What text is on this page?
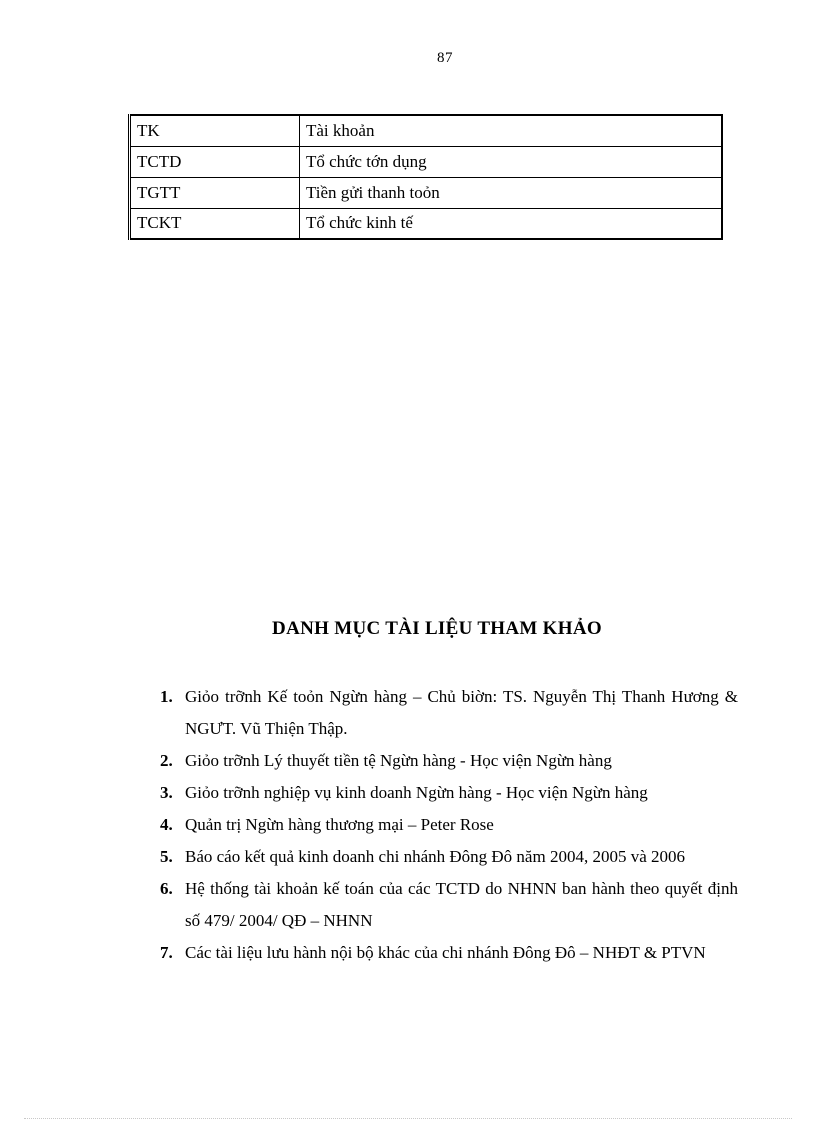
87
TK	Tài khoản
TCTD	Tổ chức tớn dụng
TGTT	Tiền gửi thanh toỏn
TCKT	Tổ chức kinh tế
DANH MỤC TÀI LIỆU THAM KHẢO
1. Giỏo trỡnh Kế toỏn Ngừn hàng – Chủ biờn: TS. Nguyễn Thị Thanh Hương & NGƯT. Vũ Thiện Thập.
2. Giỏo trỡnh Lý thuyết tiền tệ Ngừn hàng - Học viện Ngừn hàng
3. Giỏo trỡnh nghiệp vụ kinh doanh Ngừn hàng - Học viện Ngừn hàng
4. Quản trị Ngừn hàng thương mại – Peter Rose
5. Báo cáo kết quả kinh doanh chi nhánh Đông Đô năm 2004, 2005 và 2006
6. Hệ thống tài khoản kế toán của các TCTD do NHNN ban hành theo quyết định số 479/ 2004/ QĐ – NHNN
7. Các tài liệu lưu hành nội bộ khác của chi nhánh Đông Đô – NHĐT & PTVN
